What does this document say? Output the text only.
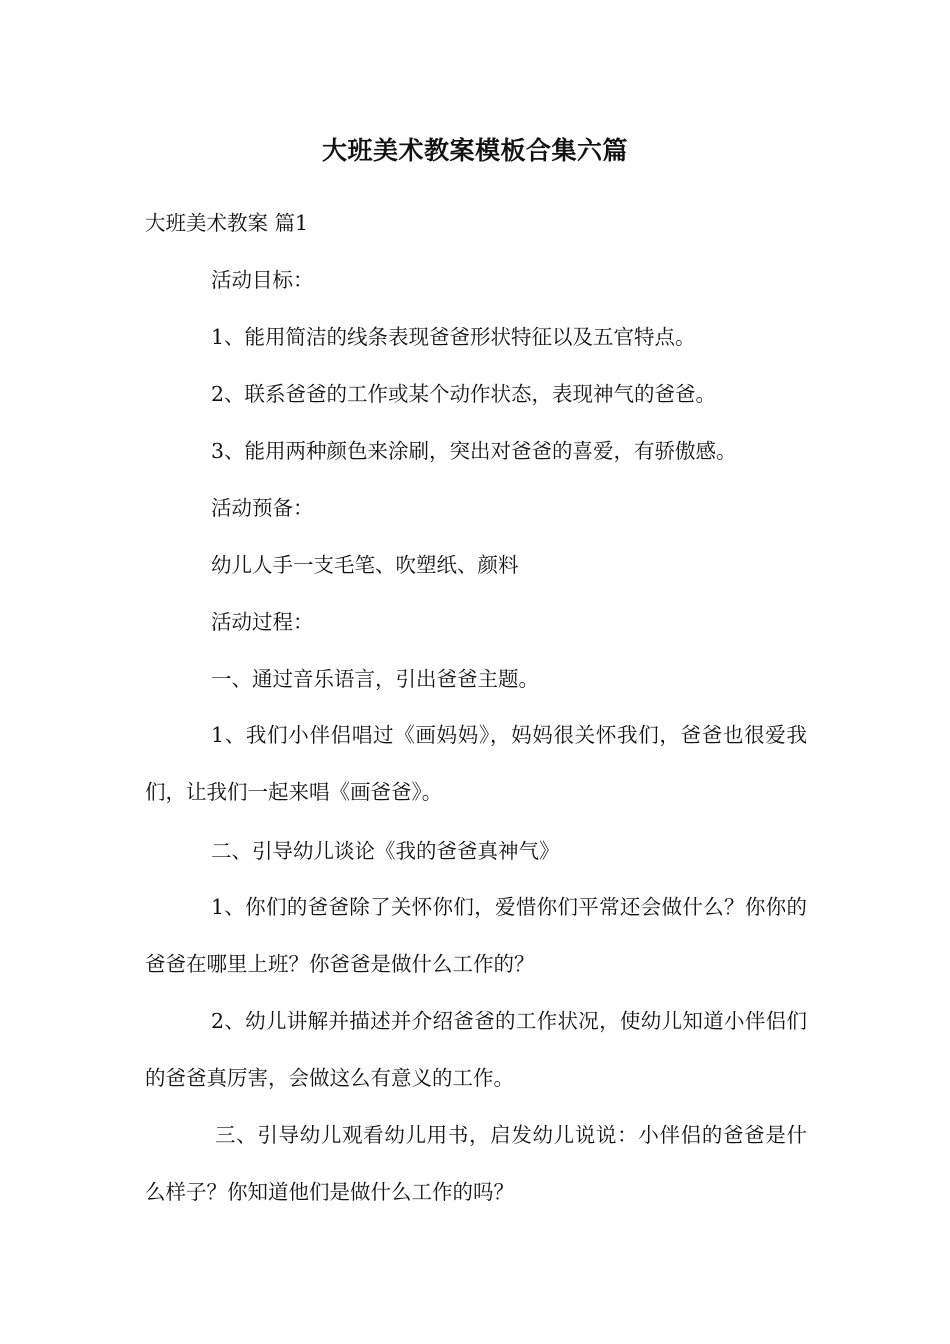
大班美术教案模板合集六篇
大班美术教案 篇1
活动目标：
1、能用简洁的线条表现爸爸形状特征以及五官特点。
2、联系爸爸的工作或某个动作状态，表现神气的爸爸。
3、能用两种颜色来涂刷，突出对爸爸的喜爱，有骄傲感。
活动预备：
幼儿人手一支毛笔、吹塑纸、颜料
活动过程：
一、通过音乐语言，引出爸爸主题。
1、我们小伴侣唱过《画妈妈》，妈妈很关怀我们，爸爸也很爱我们，让我们一起来唱《画爸爸》。
二、引导幼儿谈论《我的爸爸真神气》
1、你们的爸爸除了关怀你们，爱惜你们平常还会做什么？你你的爸爸在哪里上班？你爸爸是做什么工作的？
2、幼儿讲解并描述并介绍爸爸的工作状况，使幼儿知道小伴侣们的爸爸真厉害，会做这么有意义的工作。
三、引导幼儿观看幼儿用书，启发幼儿说说：小伴侣的爸爸是什么样子？你知道他们是做什么工作的吗？
